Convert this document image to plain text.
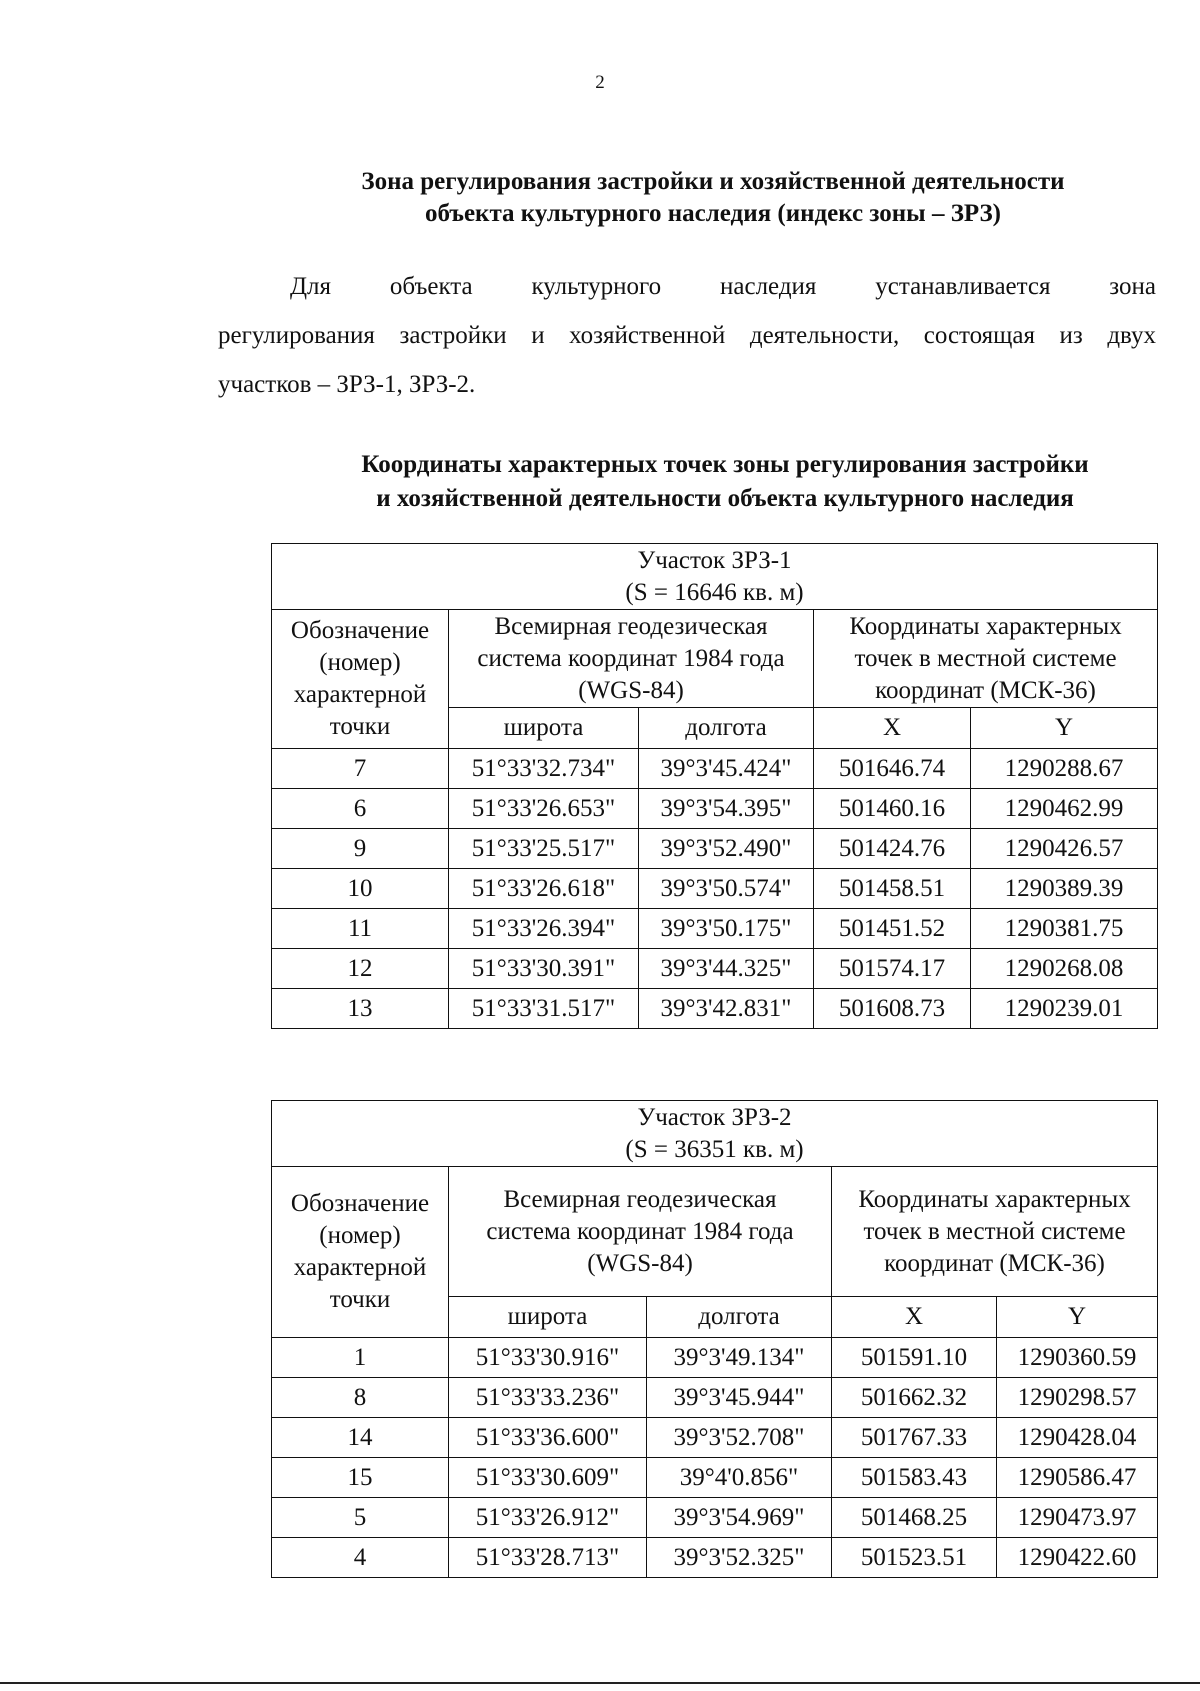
2
Зона регулирования застройки и хозяйственной деятельности
объекта культурного наследия (индекс зоны – ЗРЗ)
Для объекта культурного наследия устанавливается зона
регулирования застройки и хозяйственной деятельности, состоящая из двух
участков – ЗРЗ-1, ЗРЗ-2.
Координаты характерных точек зоны регулирования застройки
и хозяйственной деятельности объекта культурного наследия
Участок ЗРЗ-1
(S = 16646 кв. м)				

Обозначение (номер) характерной точки	Всемирная геодезическая система координат 1984 года (WGS-84)		Координаты характерных точек в местной системе координат (МСК-36)	
	широта	долгота	X	Y
7	51°33'32.734"	39°3'45.424"	501646.74	1290288.67
6	51°33'26.653"	39°3'54.395"	501460.16	1290462.99
9	51°33'25.517"	39°3'52.490"	501424.76	1290426.57
10	51°33'26.618"	39°3'50.574"	501458.51	1290389.39
11	51°33'26.394"	39°3'50.175"	501451.52	1290381.75
12	51°33'30.391"	39°3'44.325"	501574.17	1290268.08
13	51°33'31.517"	39°3'42.831"	501608.73	1290239.01
Участок ЗРЗ-2
(S = 36351 кв. м)				

Обозначение (номер) характерной точки	Всемирная геодезическая система координат 1984 года (WGS-84)		Координаты характерных точек в местной системе координат (МСК-36)	
	широта	долгота	X	Y
1	51°33'30.916"	39°3'49.134"	501591.10	1290360.59
8	51°33'33.236"	39°3'45.944"	501662.32	1290298.57
14	51°33'36.600"	39°3'52.708"	501767.33	1290428.04
15	51°33'30.609"	39°4'0.856"	501583.43	1290586.47
5	51°33'26.912"	39°3'54.969"	501468.25	1290473.97
4	51°33'28.713"	39°3'52.325"	501523.51	1290422.60
